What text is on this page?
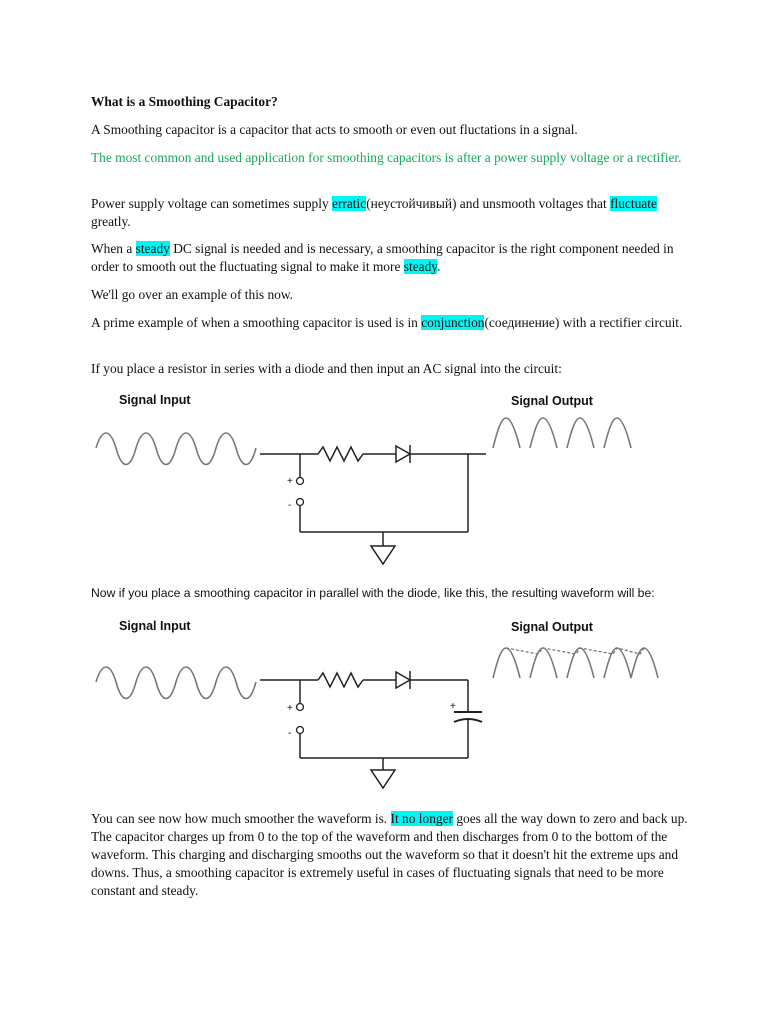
What is a Smoothing Capacitor?

A Smoothing capacitor is a capacitor that acts to smooth or even out fluctations in a signal.

The most common and used application for smoothing capacitors is after a power supply voltage or a rectifier.

Power supply voltage can sometimes supply erratic(неустойчивый) and unsmooth voltages that fluctuate greatly.

When a steady DC signal is needed and is necessary, a smoothing capacitor is the right component needed in order to smooth out the fluctuating signal to make it more steady.

We'll go over an example of this now.

A prime example of when a smoothing capacitor is used is in conjunction(соединение) with a rectifier circuit.

If you place a resistor in series with a diode and then input an AC signal into the circuit:

Signal Input	Signal Output
+
-

Now if you place a smoothing capacitor in parallel with the diode, like this, the resulting waveform will be:

Signal Input	Signal Output
+
+
-

You can see now how much smoother the waveform is. It no longer goes all the way down to zero and back up. The capacitor charges up from 0 to the top of the waveform and then discharges from 0 to the bottom of the waveform. This charging and discharging smooths out the waveform so that it doesn't hit the extreme ups and downs. Thus, a smoothing capacitor is extremely useful in cases of fluctuating signals that need to be more constant and steady.
